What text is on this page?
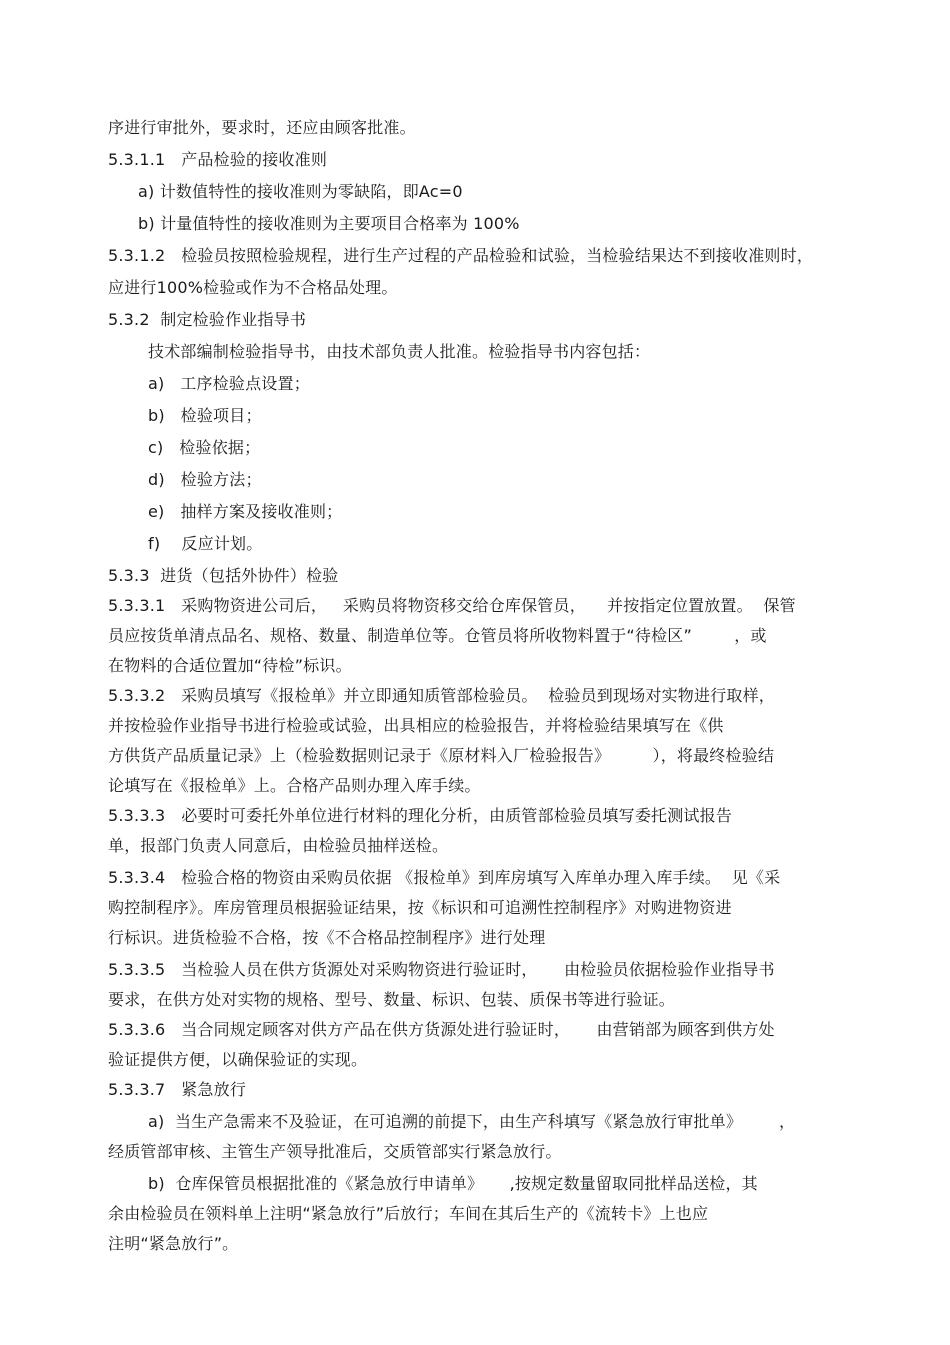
序进行审批外，要求时，还应由顾客批准。
5.3.1.1   产品检验的接收准则
a) 计数值特性的接收准则为零缺陷，即Ac=0
b) 计量值特性的接收准则为主要项目合格率为 100%
5.3.1.2   检验员按照检验规程，进行生产过程的产品检验和试验，当检验结果达不到接收准则时，
应进行100%检验或作为不合格品处理。
5.3.2  制定检验作业指导书
技术部编制检验指导书，由技术部负责人批准。检验指导书内容包括：
a)   工序检验点设置；
b)   检验项目；
c)   检验依据；
d)   检验方法；
e)   抽样方案及接收准则；
f)    反应计划。
5.3.3  进货（包括外协件）检验
5.3.3.1   采购物资进公司后，   采购员将物资移交给仓库保管员，    并按指定位置放置。  保管
员应按货单清点品名、规格、数量、制造单位等。仓管员将所收物料置于“待检区”        ，或
在物料的合适位置加“待检”标识。
5.3.3.2   采购员填写《报检单》并立即通知质管部检验员。  检验员到现场对实物进行取样，
并按检验作业指导书进行检验或试验，出具相应的检验报告，并将检验结果填写在《供
方供货产品质量记录》上（检验数据则记录于《原材料入厂检验报告》        ），将最终检验结
论填写在《报检单》上。合格产品则办理入库手续。
5.3.3.3   必要时可委托外单位进行材料的理化分析，由质管部检验员填写委托测试报告
单，报部门负责人同意后，由检验员抽样送检。
5.3.3.4   检验合格的物资由采购员依据 《报检单》到库房填写入库单办理入库手续。  见《采
购控制程序》。库房管理员根据验证结果，按《标识和可追溯性控制程序》对购进物资进
行标识。进货检验不合格，按《不合格品控制程序》进行处理
5.3.3.5   当检验人员在供方货源处对采购物资进行验证时，     由检验员依据检验作业指导书
要求，在供方处对实物的规格、型号、数量、标识、包装、质保书等进行验证。
5.3.3.6   当合同规定顾客对供方产品在供方货源处进行验证时，     由营销部为顾客到供方处
验证提供方便，以确保验证的实现。
5.3.3.7   紧急放行
a)  当生产急需来不及验证，在可追溯的前提下，由生产科填写《紧急放行审批单》       ，
经质管部审核、主管生产领导批准后，交质管部实行紧急放行。
b)  仓库保管员根据批准的《紧急放行申请单》     ,按规定数量留取同批样品送检，其
余由检验员在领料单上注明“紧急放行”后放行；车间在其后生产的《流转卡》上也应
注明“紧急放行”。
